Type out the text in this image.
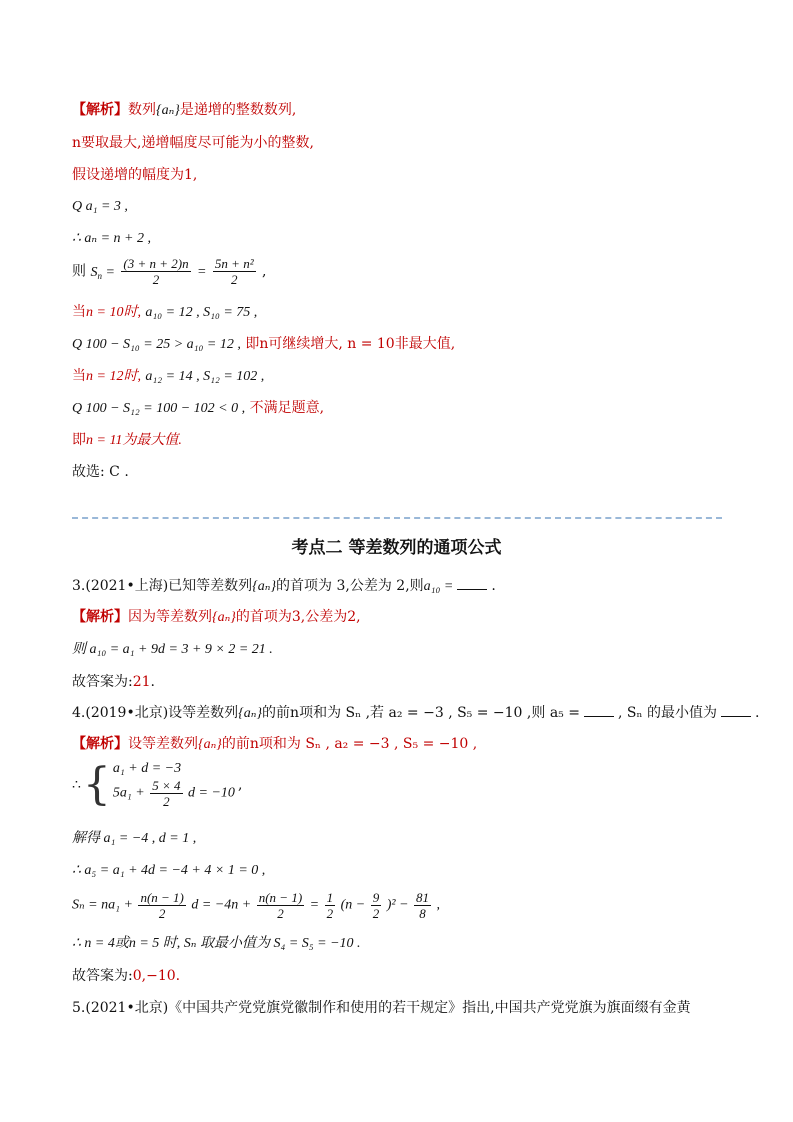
【解析】数列{aₙ}是递增的整数数列,
n要取最大,递增幅度尽可能为小的整数,
假设递增的幅度为1,
Q a₁ = 3 ,
∴ aₙ = n + 2 ,
则 $S_n = \frac{(3 + n + 2)n}{2} = \frac{\text{5n + n²}}{2}$ ,
当n = 10时, a₁₀ = 12 , S₁₀ = 75 ,
Q 100 − S₁₀ = 25 > a₁₀ = 12 , 即n可继续增大, n = 10非最大值,
当n = 12时, a₁₂ = 14 , S₁₂ = 102 ,
Q 100 − S₁₂ = 100 − 102 < 0 , 不满足题意,
即n = 11为最大值.
故选: C .
考点二 等差数列的通项公式
3.(2021•上海)已知等差数列{aₙ}的首项为 3,公差为 2,则a₁₀ =	.
【解析】因为等差数列{aₙ}的首项为3,公差为2,
则 a₁₀ = a₁ + 9d = 3 + 9 × 2 = 21 .
故答案为:21.
4.(2019•北京)设等差数列{aₙ}的前n项和为 Sₙ ,若 a₂ = −3 , S₅ = −10 ,则 a₅ =	, Sₙ 的最小值为	.
【解析】设等差数列{aₙ}的前n项和为 Sₙ , a₂ = −3 , S₅ = −10 ,
∴ { a₁ + d = −3
$5a_1 + \frac{5 \times 4}{2}$ d = −10
,
解得 a₁ = −4 , d = 1 ,
∴ a₅ = a₁ + 4d = −4 + 4 × 1 = 0 ,
$S_n = na_1 + \frac{n(n - 1)}{2}$ $d = -4n + \frac{n(n - 1)}{2} = \frac{1}{2} (n - \frac{9}{2} )^2 - \frac{81}{8}$ ,
∴ n = 4或n = 5 时, Sₙ 取最小值为 S₄ = S₅ = −10 .
故答案为:0,−10.
5.(2021•北京)《中国共产党党旗党徽制作和使用的若干规定》指出,中国共产党党旗为旗面缀有金黄
